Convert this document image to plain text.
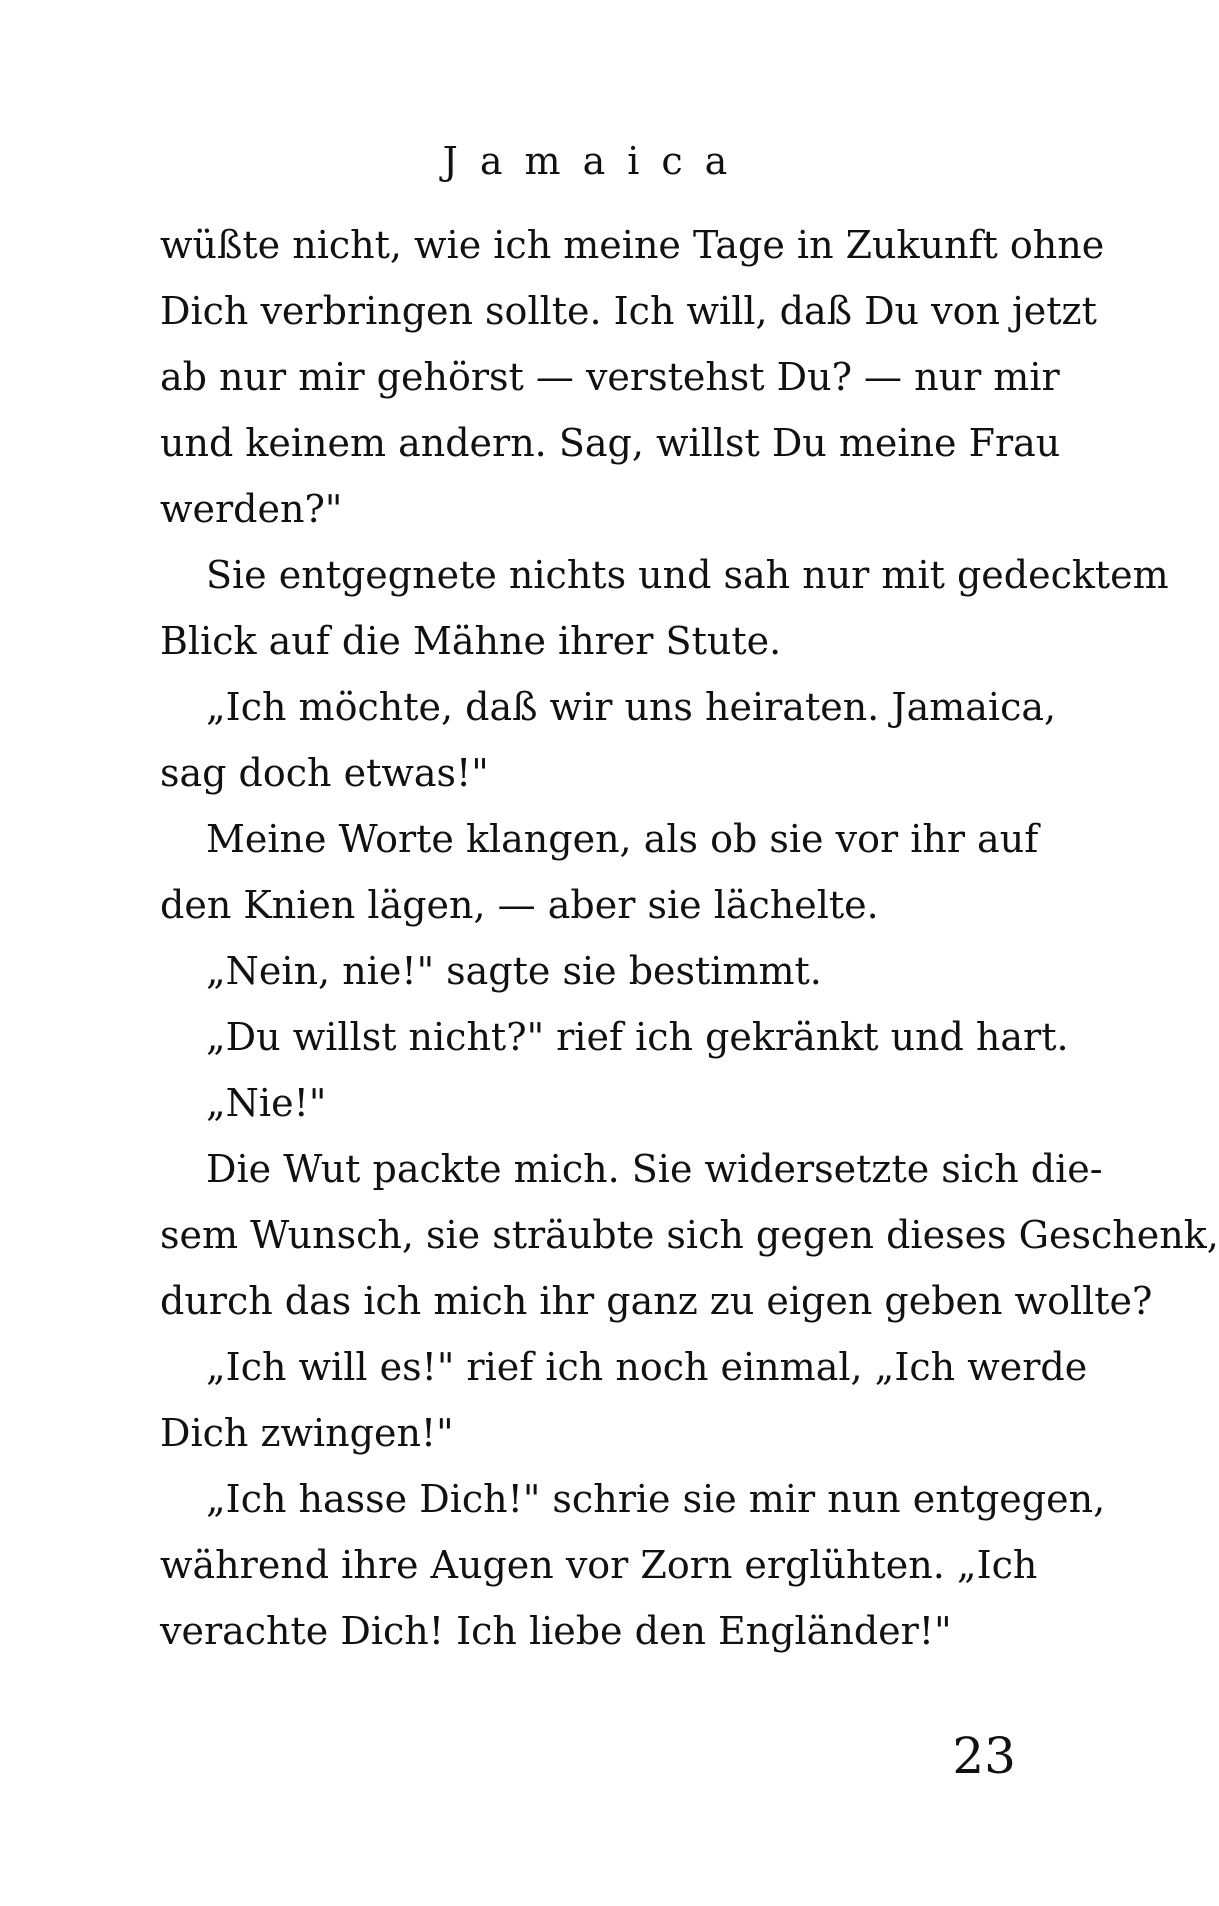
Jamaica
wüßte nicht, wie ich meine Tage in Zukunft ohne
Dich verbringen sollte. Ich will, daß Du von jetzt
ab nur mir gehörst — verstehst Du? — nur mir
und keinem andern. Sag, willst Du meine Frau
werden?"
Sie entgegnete nichts und sah nur mit gedecktem
Blick auf die Mähne ihrer Stute.
„Ich möchte, daß wir uns heiraten. Jamaica,
sag doch etwas!"
Meine Worte klangen, als ob sie vor ihr auf
den Knien lägen, — aber sie lächelte.
„Nein, nie!" sagte sie bestimmt.
„Du willst nicht?" rief ich gekränkt und hart.
„Nie!"
Die Wut packte mich. Sie widersetzte sich die-
sem Wunsch, sie sträubte sich gegen dieses Geschenk,
durch das ich mich ihr ganz zu eigen geben wollte?
„Ich will es!" rief ich noch einmal, „Ich werde
Dich zwingen!"
„Ich hasse Dich!" schrie sie mir nun entgegen,
während ihre Augen vor Zorn erglühten. „Ich
verachte Dich! Ich liebe den Engländer!"
23
